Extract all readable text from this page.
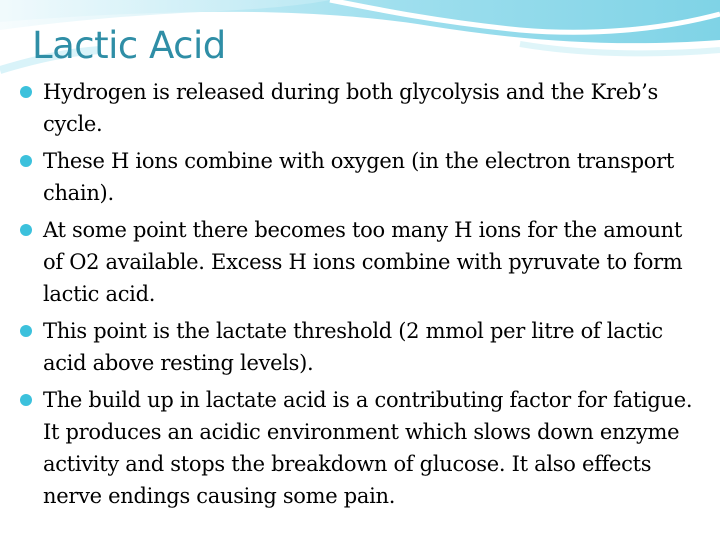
Lactic Acid
Hydrogen is released during both glycolysis and the Kreb’s cycle.
These H ions combine with oxygen (in the electron transport chain).
At some point there becomes too many H ions for the amount of O2 available. Excess H ions combine with pyruvate to form lactic acid.
This point is the lactate threshold (2 mmol per litre of lactic acid above resting levels).
The build up in lactate acid is a contributing factor for fatigue. It produces an acidic environment which slows down enzyme activity and stops the breakdown of glucose. It also effects nerve endings causing some pain.
